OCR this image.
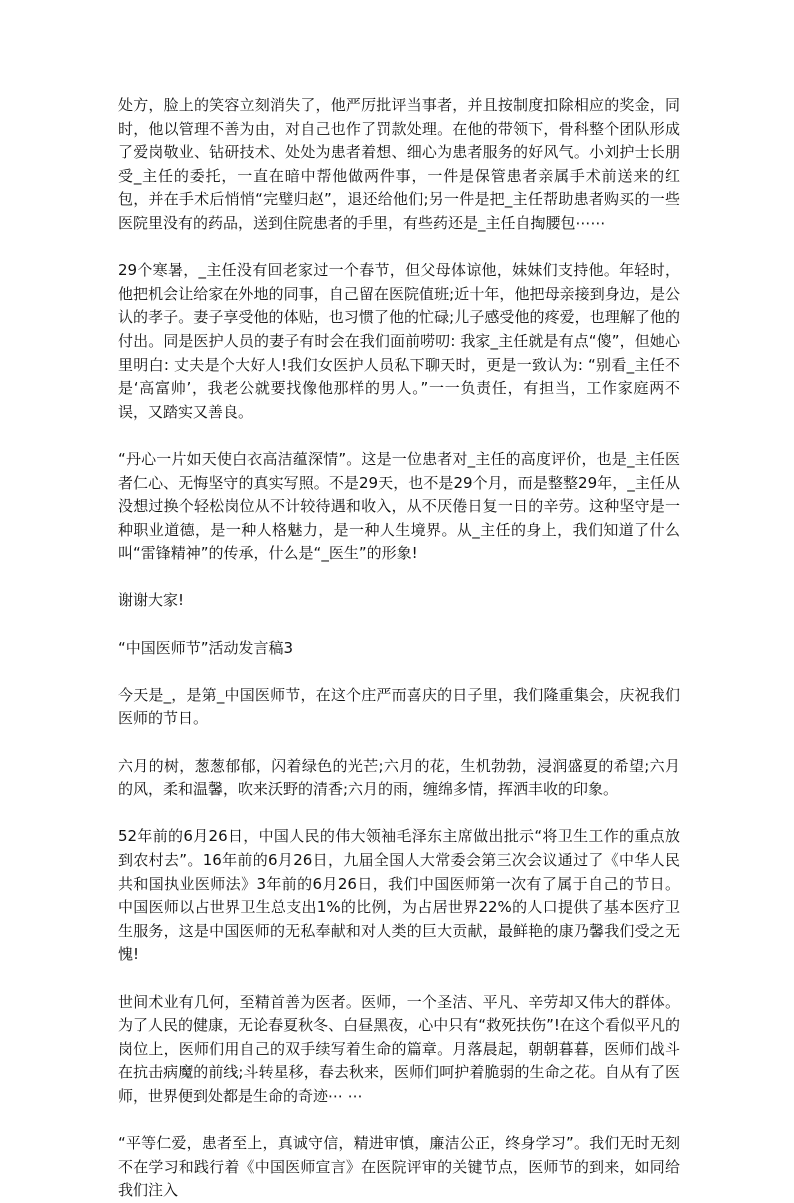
处方，脸上的笑容立刻消失了，他严厉批评当事者，并且按制度扣除相应的奖金，同时，他以管理不善为由，对自己也作了罚款处理。在他的带领下，骨科整个团队形成了爱岗敬业、钻研技术、处处为患者着想、细心为患者服务的好风气。小刘护士长朋受_主任的委托，一直在暗中帮他做两件事，一件是保管患者亲属手术前送来的红包，并在手术后悄悄“完璧归赵”，退还给他们;另一件是把_主任帮助患者购买的一些医院里没有的药品，送到住院患者的手里，有些药还是_主任自掏腰包⋯⋯

29个寒暑，_主任没有回老家过一个春节，但父母体谅他，妹妹们支持他。年轻时，他把机会让给家在外地的同事，自己留在医院值班;近十年，他把母亲接到身边，是公认的孝子。妻子享受他的体贴，也习惯了他的忙碌;儿子感受他的疼爱，也理解了他的付出。同是医护人员的妻子有时会在我们面前唠叨: 我家_主任就是有点“傻”，但她心里明白: 丈夫是个大好人!我们女医护人员私下聊天时，更是一致认为: “别看_主任不是‘高富帅’，我老公就要找像他那样的男人。”一一负责任，有担当，工作家庭两不误，又踏实又善良。

“丹心一片如天使白衣高洁蕴深情”。这是一位患者对_主任的高度评价，也是_主任医者仁心、无悔坚守的真实写照。不是29天，也不是29个月，而是整整29年，_主任从没想过换个轻松岗位从不计较待遇和收入，从不厌倦日复一日的辛劳。这种坚守是一种职业道德，是一种人格魅力，是一种人生境界。从_主任的身上，我们知道了什么叫“雷锋精神”的传承，什么是“_医生”的形象!

谢谢大家!

“中国医师节”活动发言稿3

今天是_，是第_中国医师节，在这个庄严而喜庆的日子里，我们隆重集会，庆祝我们医师的节日。

六月的树，葱葱郁郁，闪着绿色的光芒;六月的花，生机勃勃，浸润盛夏的希望;六月的风，柔和温馨，吹来沃野的清香;六月的雨，缠绵多情，挥洒丰收的印象。

52年前的6月26日，中国人民的伟大领袖毛泽东主席做出批示“将卫生工作的重点放到农村去”。16年前的6月26日，九届全国人大常委会第三次会议通过了《中华人民共和国执业医师法》3年前的6月26日，我们中国医师第一次有了属于自己的节日。中国医师以占世界卫生总支出1%的比例，为占居世界22%的人口提供了基本医疗卫生服务，这是中国医师的无私奉献和对人类的巨大贡献，最鲜艳的康乃馨我们受之无愧!

世间术业有几何，至精首善为医者。医师，一个圣洁、平凡、辛劳却又伟大的群体。为了人民的健康，无论春夏秋冬、白昼黑夜，心中只有“救死扶伤”!在这个看似平凡的岗位上，医师们用自己的双手续写着生命的篇章。月落晨起，朝朝暮暮，医师们战斗在抗击病魔的前线;斗转星移，春去秋来，医师们呵护着脆弱的生命之花。自从有了医师，世界便到处都是生命的奇迹⋯ ⋯

“平等仁爱，患者至上，真诚守信，精进审慎，廉洁公正，终身学习”。我们无时无刻不在学习和践行着《中国医师宣言》在医院评审的关键节点，医师节的到来，如同给我们注入
